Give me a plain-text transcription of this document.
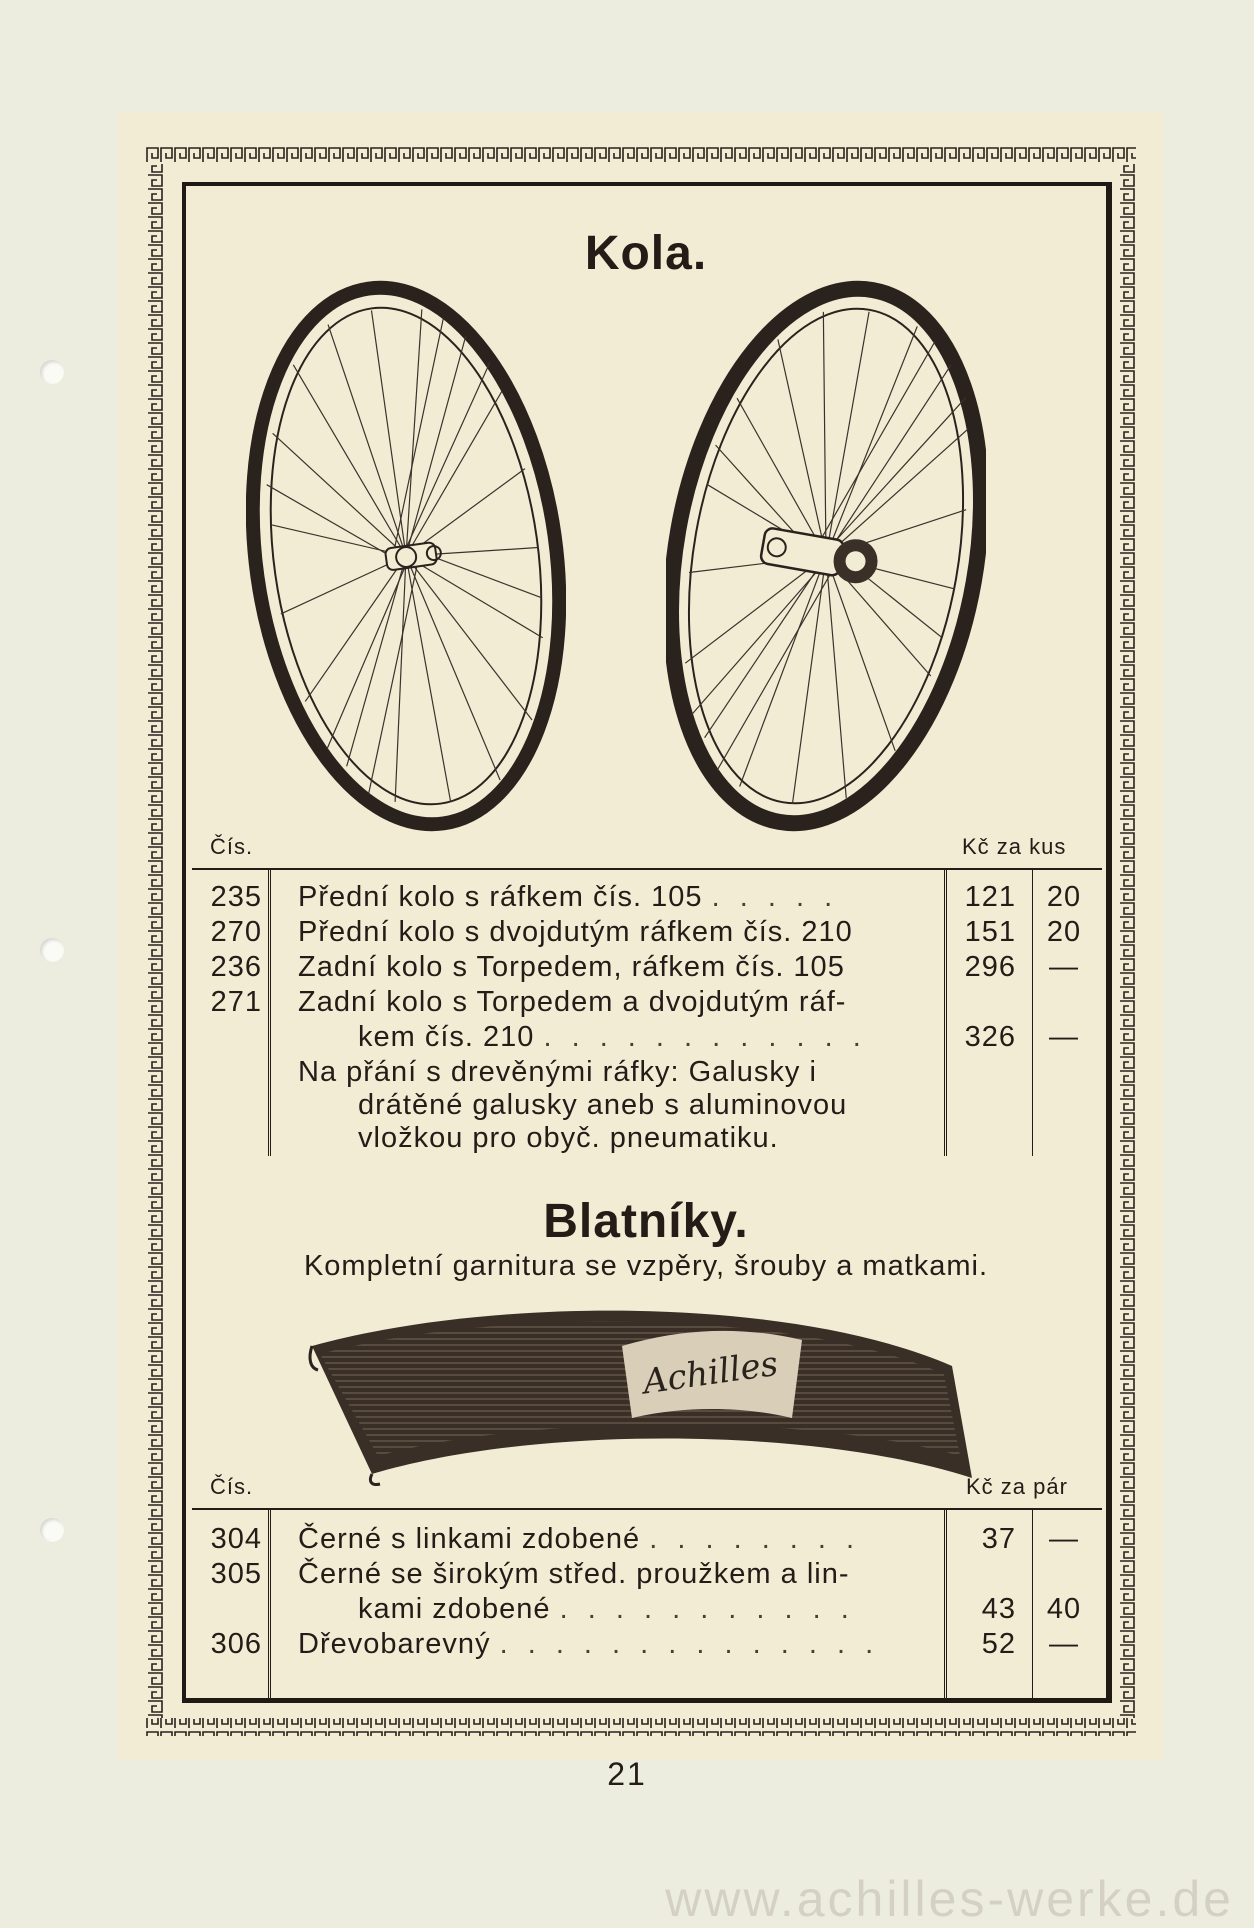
Kola.
Čís.	Kč za kus
235 Přední kolo s ráfkem čís. 105 . . . . .	121	20
270 Přední kolo s dvojdutým ráfkem čís. 210	151	20
236 Zadní kolo s Torpedem, ráfkem čís. 105	296	—
271 Zadní kolo s Torpedem a dvojdutým ráf-
kem čís. 210 . . . . . . . . . . . .	326	—
Na přání s drevěnými ráfky: Galusky i
drátěné galusky aneb s aluminovou
vložkou pro obyč. pneumatiku.
Blatníky.
Kompletní garnitura se vzpěry, šrouby a matkami.
Achilles
Čís.	Kč za pár
304 Černé s linkami zdobené . . . . . . . .	37	—
305 Černé se širokým střed. proužkem a lin-
kami zdobené . . . . . . . . . . .	43	40
306 Dřevobarevný . . . . . . . . . . . . . .	52	—
21
www.achilles-werke.de
